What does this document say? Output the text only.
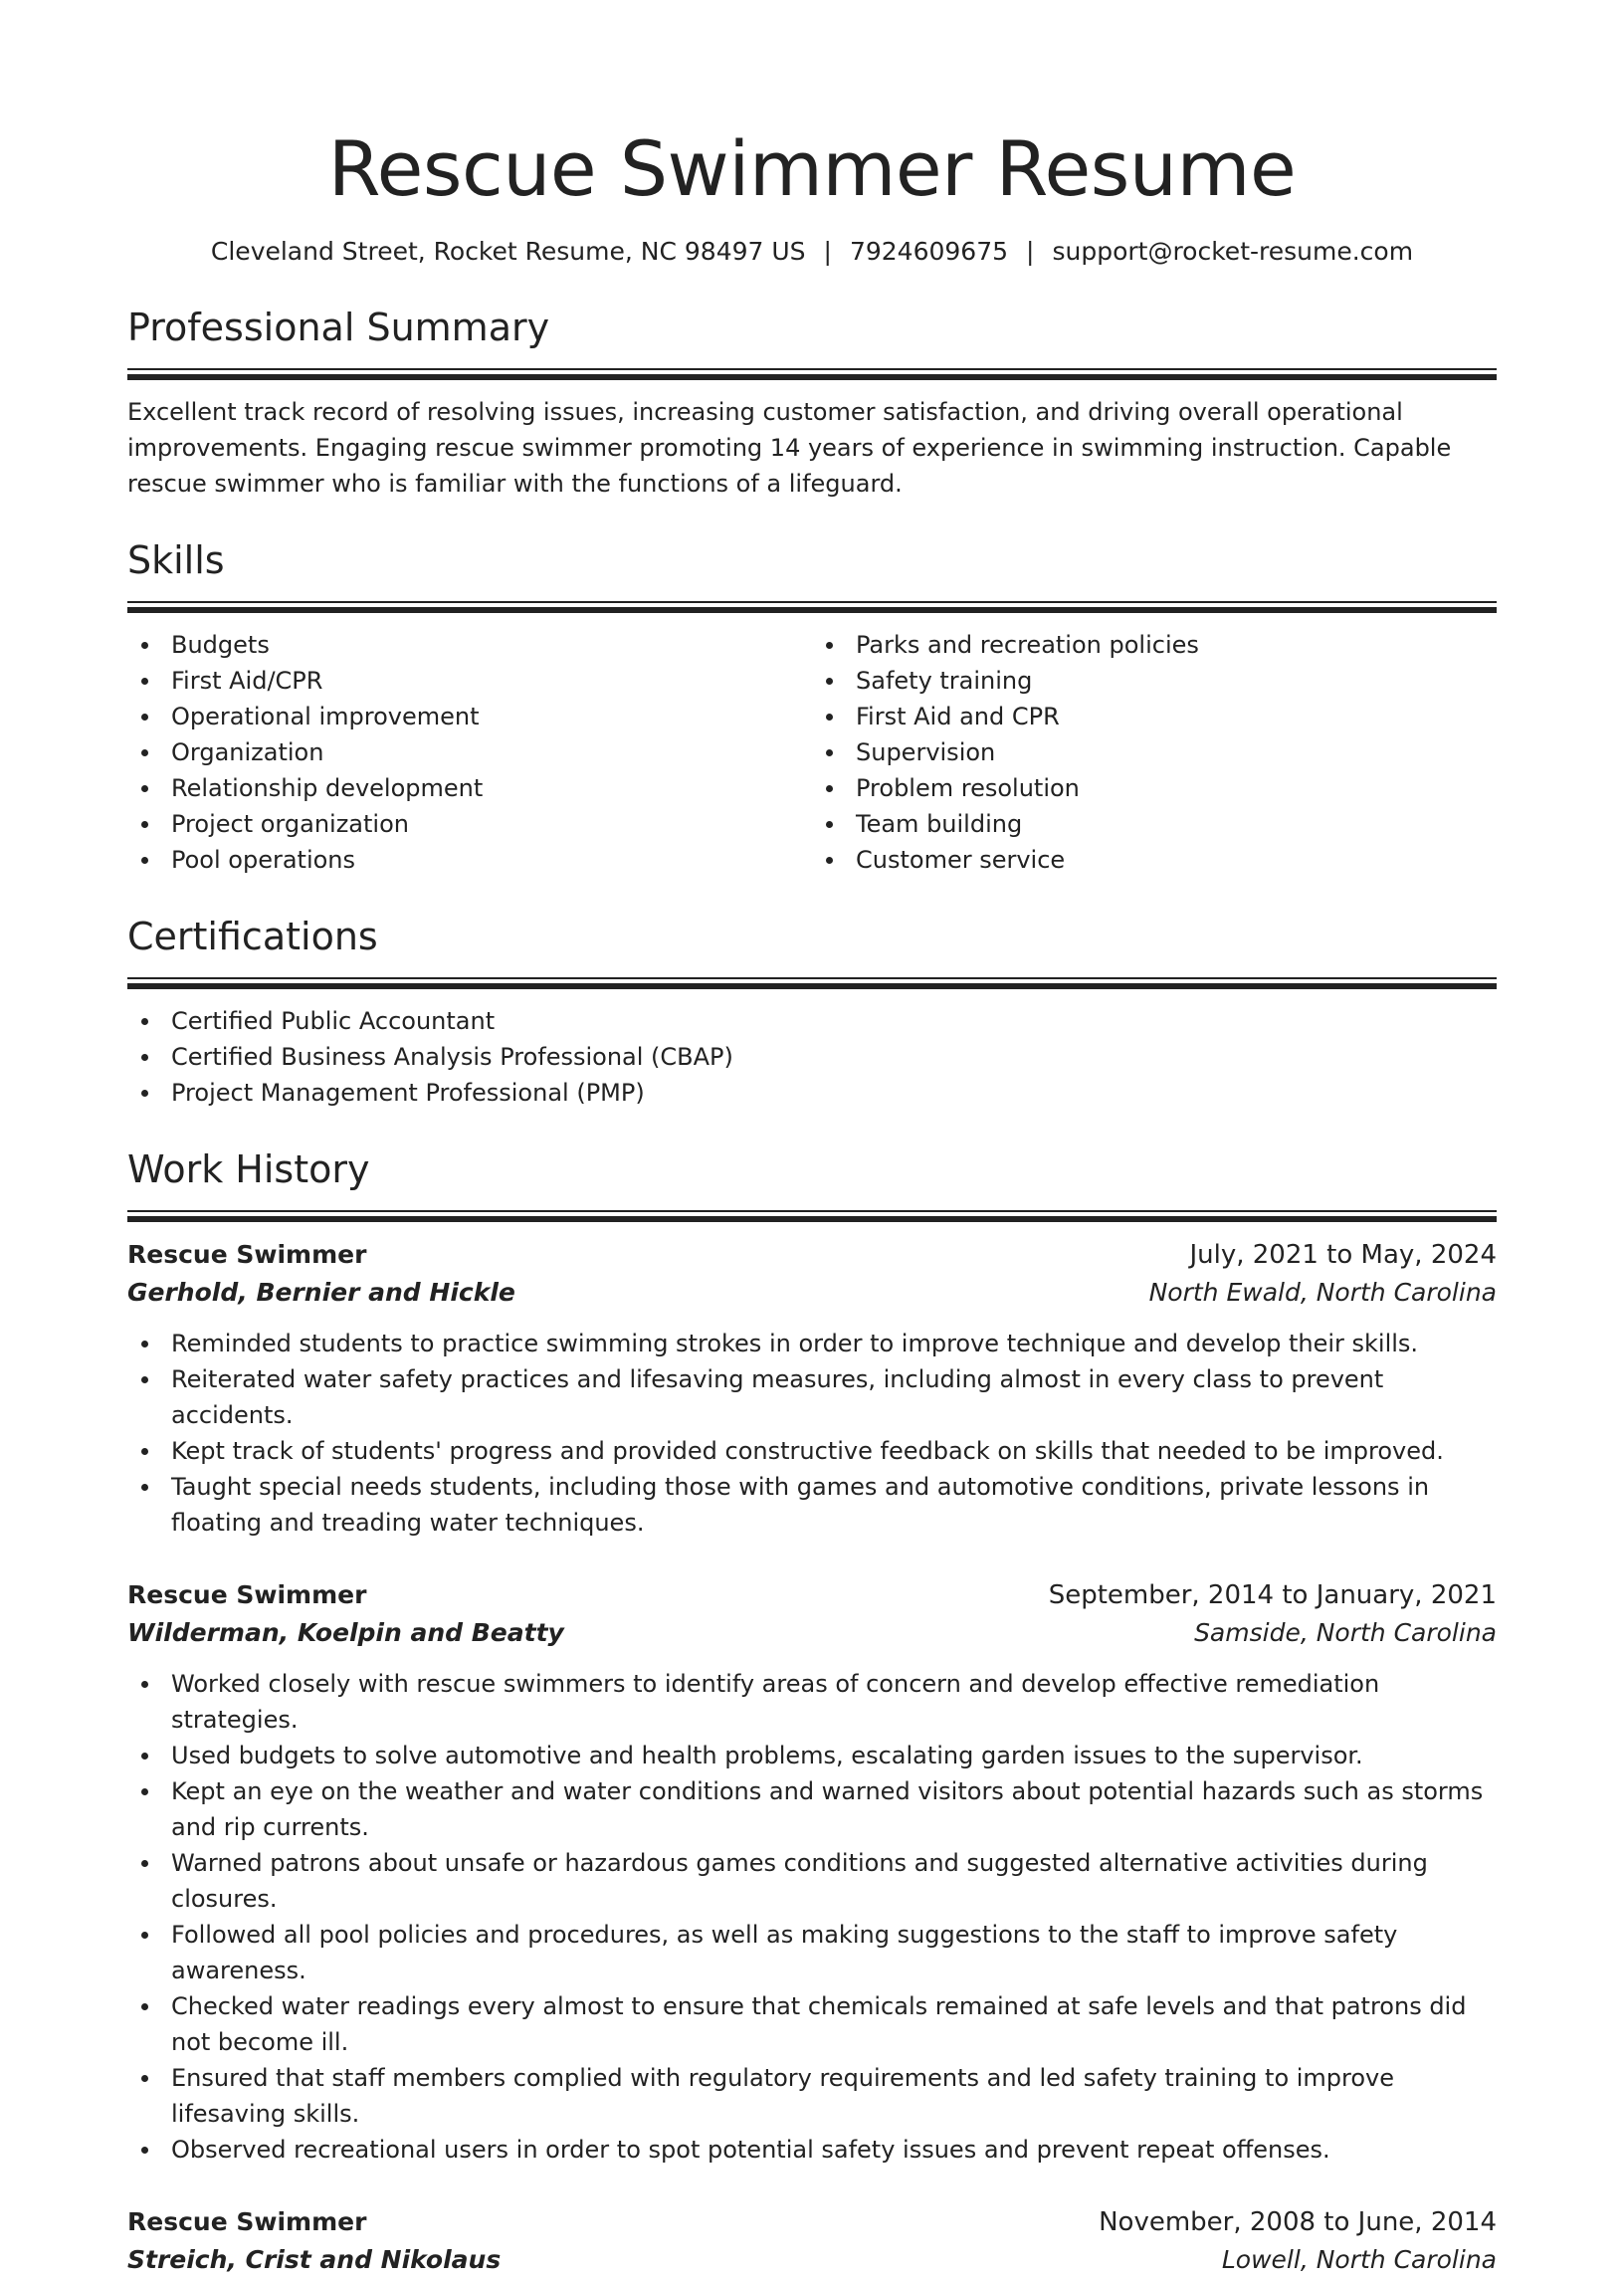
Rescue Swimmer Resume
Cleveland Street, Rocket Resume, NC 98497 US | 7924609675 | support@rocket-resume.com
Professional Summary
Excellent track record of resolving issues, increasing customer satisfaction, and driving overall operational improvements. Engaging rescue swimmer promoting 14 years of experience in swimming instruction. Capable rescue swimmer who is familiar with the functions of a lifeguard.
Skills
Budgets
First Aid/CPR
Operational improvement
Organization
Relationship development
Project organization
Pool operations
Parks and recreation policies
Safety training
First Aid and CPR
Supervision
Problem resolution
Team building
Customer service
Certifications
Certified Public Accountant
Certified Business Analysis Professional (CBAP)
Project Management Professional (PMP)
Work History
Rescue Swimmer	July, 2021 to May, 2024
Gerhold, Bernier and Hickle	North Ewald, North Carolina
Reminded students to practice swimming strokes in order to improve technique and develop their skills.
Reiterated water safety practices and lifesaving measures, including almost in every class to prevent accidents.
Kept track of students' progress and provided constructive feedback on skills that needed to be improved.
Taught special needs students, including those with games and automotive conditions, private lessons in floating and treading water techniques.
Rescue Swimmer	September, 2014 to January, 2021
Wilderman, Koelpin and Beatty	Samside, North Carolina
Worked closely with rescue swimmers to identify areas of concern and develop effective remediation strategies.
Used budgets to solve automotive and health problems, escalating garden issues to the supervisor.
Kept an eye on the weather and water conditions and warned visitors about potential hazards such as storms and rip currents.
Warned patrons about unsafe or hazardous games conditions and suggested alternative activities during closures.
Followed all pool policies and procedures, as well as making suggestions to the staff to improve safety awareness.
Checked water readings every almost to ensure that chemicals remained at safe levels and that patrons did not become ill.
Ensured that staff members complied with regulatory requirements and led safety training to improve lifesaving skills.
Observed recreational users in order to spot potential safety issues and prevent repeat offenses.
Rescue Swimmer	November, 2008 to June, 2014
Streich, Crist and Nikolaus	Lowell, North Carolina
